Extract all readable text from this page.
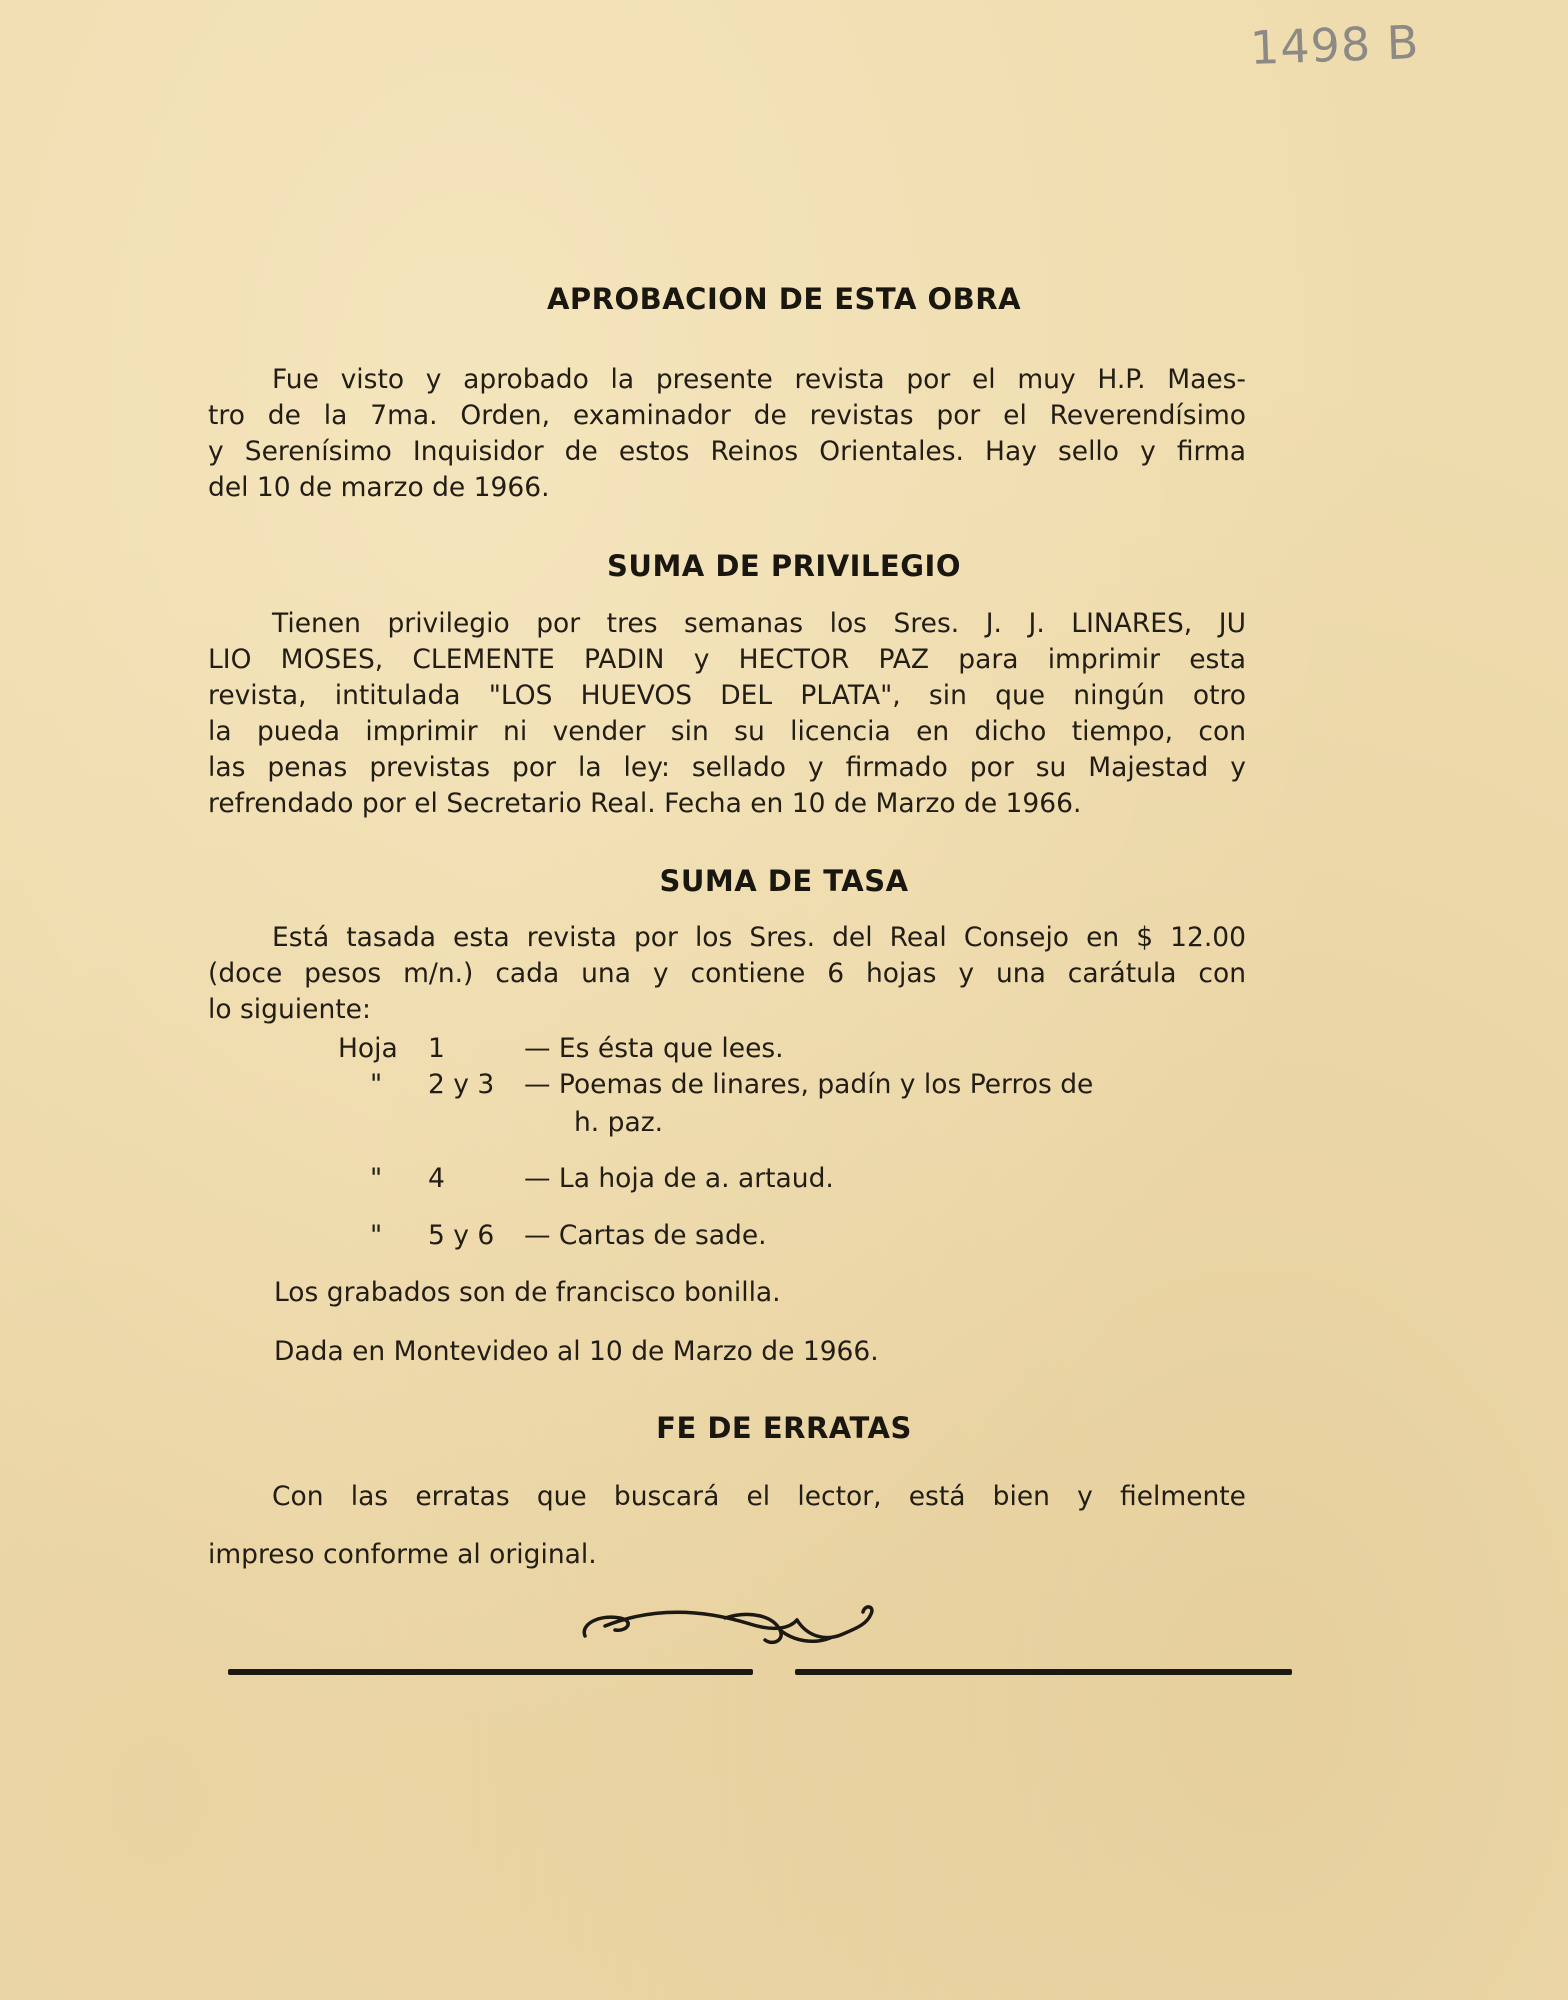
1498 B
APROBACION DE ESTA OBRA
Fue visto y aprobado la presente revista por el muy H.P. Maes-
tro de la 7ma. Orden, examinador de revistas por el Reverendísimo
y Serenísimo Inquisidor de estos Reinos Orientales. Hay sello y firma
del 10 de marzo de 1966.
SUMA DE PRIVILEGIO
Tienen privilegio por tres semanas los Sres. J. J. LINARES, JU
LIO MOSES, CLEMENTE PADIN y HECTOR PAZ para imprimir esta
revista, intitulada "LOS HUEVOS DEL PLATA", sin que ningún otro
la pueda imprimir ni vender sin su licencia en dicho tiempo, con
las penas previstas por la ley: sellado y firmado por su Majestad y
refrendado por el Secretario Real. Fecha en 10 de Marzo de 1966.
SUMA DE TASA
Está tasada esta revista por los Sres. del Real Consejo en $ 12.00
(doce pesos m/n.) cada una y contiene 6 hojas y una carátula con
lo siguiente:
Hoja 1	— Es ésta que lees.
" 2 y 3 — Poemas de linares, padín y los Perros de
h. paz.
" 4	— La hoja de a. artaud.
" 5 y 6 — Cartas de sade.
Los grabados son de francisco bonilla.
Dada en Montevideo al 10 de Marzo de 1966.
FE DE ERRATAS
Con las erratas que buscará el lector, está bien y fielmente
impreso conforme al original.
